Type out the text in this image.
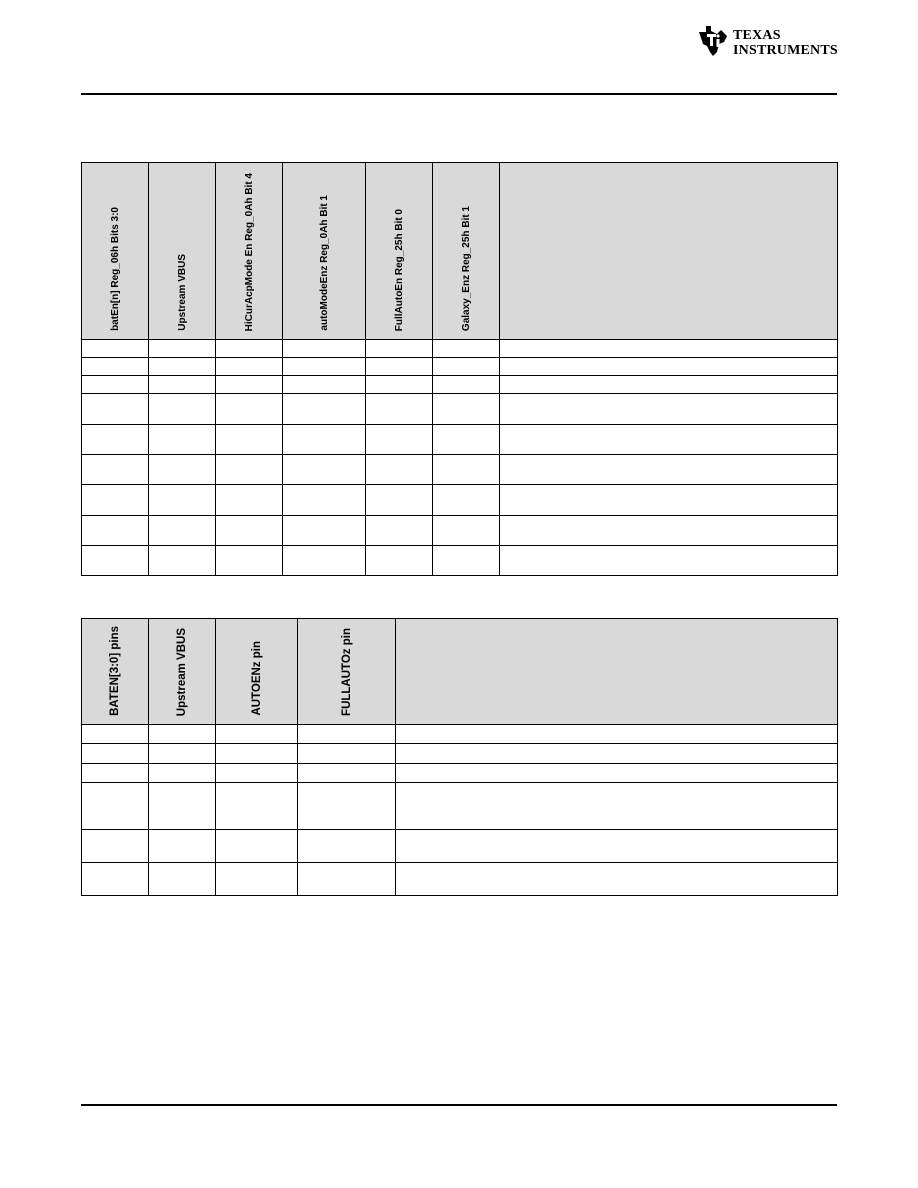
TEXAS
INSTRUMENTS
batEn[n] Reg_06h Bits 3:0	Upstream VBUS	HiCurAcpMode En Reg_0Ah Bit 4	autoModeEnz Reg_0Ah Bit 1	FullAutoEn Reg_25h Bit 0	Galaxy_Enz Reg_25h Bit 1	

BATEN[3:0] pins	Upstream VBUS	AUTOENz pin	FULLAUTOz pin	
